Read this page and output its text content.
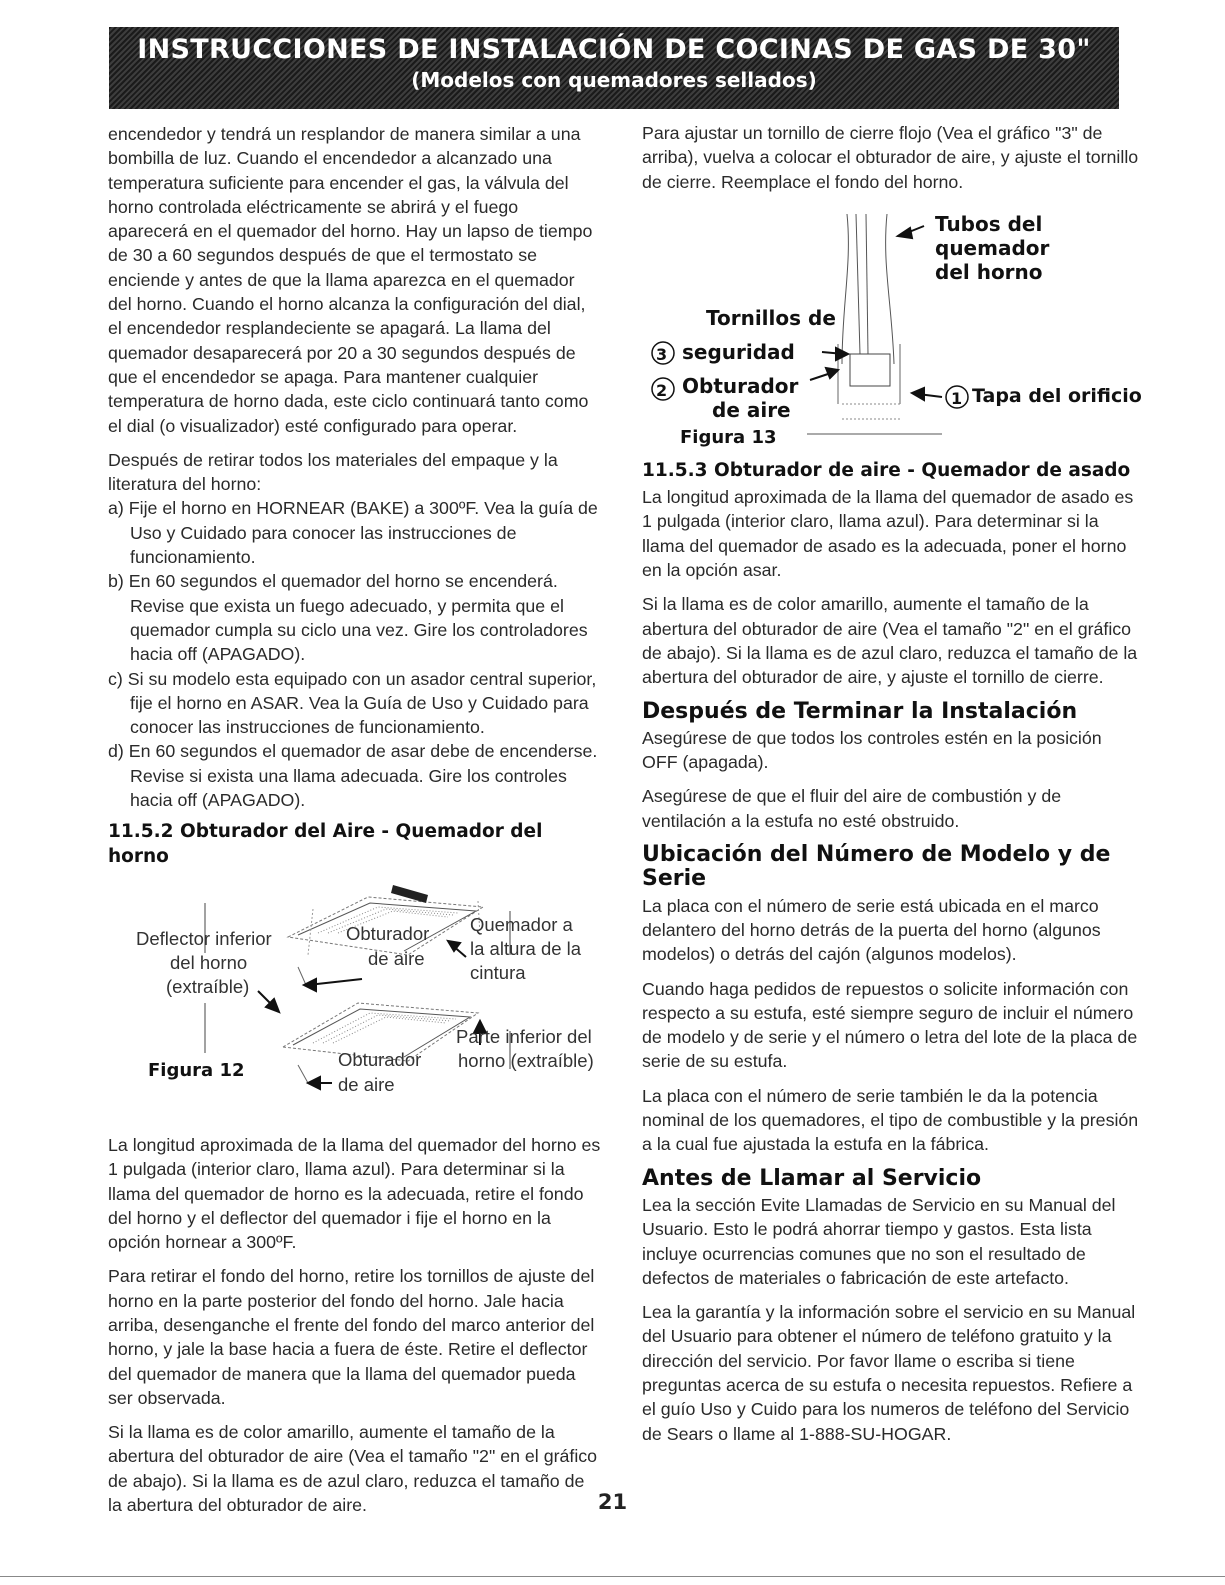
INSTRUCCIONES DE INSTALACIÓN DE COCINAS DE GAS DE 30"
(Modelos con quemadores sellados)

encendedor y tendrá un resplandor de manera similar a una bombilla de luz. Cuando el encendedor a alcanzado una temperatura suficiente para encender el gas, la válvula del horno controlada eléctricamente se abrirá y el fuego aparecerá en el quemador del horno. Hay un lapso de tiempo de 30 a 60 segundos después de que el termostato se enciende y antes de que la llama aparezca en el quemador del horno. Cuando el horno alcanza la configuración del dial, el encendedor resplandeciente se apagará. La llama del quemador desaparecerá por 20 a 30 segundos después de que el encendedor se apaga. Para mantener cualquier temperatura de horno dada, este ciclo continuará tanto como el dial (o visualizador) esté configurado para operar.

Después de retirar todos los materiales del empaque y la literatura del horno:

a) Fije el horno en HORNEAR (BAKE) a 300ºF. Vea la guía de Uso y Cuidado para conocer las instrucciones de funcionamiento.
b) En 60 segundos el quemador del horno se encenderá. Revise que exista un fuego adecuado, y permita que el quemador cumpla su ciclo una vez. Gire los controladores hacia off (APAGADO).
c) Si su modelo esta equipado con un asador central superior, fije el horno en ASAR. Vea la Guía de Uso y Cuidado para conocer las instrucciones de funcionamiento.
d) En 60 segundos el quemador de asar debe de encenderse. Revise si exista una llama adecuada. Gire los controles hacia off (APAGADO).
11.5.2 Obturador del Aire - Quemador del horno
Deflector inferior
del horno
(extraíble)
Obturador
de aire
Quemador a
la altura de la
cintura
Parte inferior del
horno (extraíble)
Obturador
de aire
Figura 12

La longitud aproximada de la llama del quemador del horno es 1 pulgada (interior claro, llama azul). Para determinar si la llama del quemador de horno es la adecuada, retire el fondo del horno y el deflector del quemador i fije el horno en la opción hornear a 300ºF.

Para retirar el fondo del horno, retire los tornillos de ajuste del horno en la parte posterior del fondo del horno. Jale hacia arriba, desenganche el frente del fondo del marco anterior del horno, y jale la base hacia a fuera de éste. Retire el deflector del quemador de manera que la llama del quemador pueda ser observada.

Si la llama es de color amarillo, aumente el tamaño de la abertura del obturador de aire (Vea el tamaño "2" en el gráfico de abajo). Si la llama es de azul claro, reduzca el tamaño de la abertura del obturador de aire.

Para ajustar un tornillo de cierre flojo (Vea el gráfico "3" de arriba), vuelva a colocar el obturador de aire, y ajuste el tornillo de cierre. Reemplace el fondo del horno.

Tubos del
quemador
del horno
Tornillos de
seguridad
3
Obturador
2
de aire	1 Tapa del orificio
Figura 13
11.5.3 Obturador de aire - Quemador de asado

La longitud aproximada de la llama del quemador de asado es 1 pulgada (interior claro, llama azul). Para determinar si la llama del quemador de asado es la adecuada, poner el horno en la opción asar.

Si la llama es de color amarillo, aumente el tamaño de la abertura del obturador de aire (Vea el tamaño "2" en el gráfico de abajo). Si la llama es de azul claro, reduzca el tamaño de la abertura del obturador de aire, y ajuste el tornillo de cierre.

Después de Terminar la Instalación

Asegúrese de que todos los controles estén en la posición OFF (apagada).

Asegúrese de que el fluir del aire de combustión y de ventilación a la estufa no esté obstruido.

Ubicación del Número de Modelo y de Serie

La placa con el número de serie está ubicada en el marco delantero del horno detrás de la puerta del horno (algunos modelos) o detrás del cajón (algunos modelos).

Cuando haga pedidos de repuestos o solicite información con respecto a su estufa, esté siempre seguro de incluir el número de modelo y de serie y el número o letra del lote de la placa de serie de su estufa.

La placa con el número de serie también le da la potencia nominal de los quemadores, el tipo de combustible y la presión a la cual fue ajustada la estufa en la fábrica.

Antes de Llamar al Servicio

Lea la sección Evite Llamadas de Servicio en su Manual del Usuario. Esto le podrá ahorrar tiempo y gastos. Esta lista incluye ocurrencias comunes que no son el resultado de defectos de materiales o fabricación de este artefacto.

Lea la garantía y la información sobre el servicio en su Manual del Usuario para obtener el número de teléfono gratuito y la dirección del servicio. Por favor llame o escriba si tiene preguntas acerca de su estufa o necesita repuestos. Refiere a el guío Uso y Cuido para los numeros de teléfono del Servicio de Sears o llame al 1-888-SU-HOGAR.

21
